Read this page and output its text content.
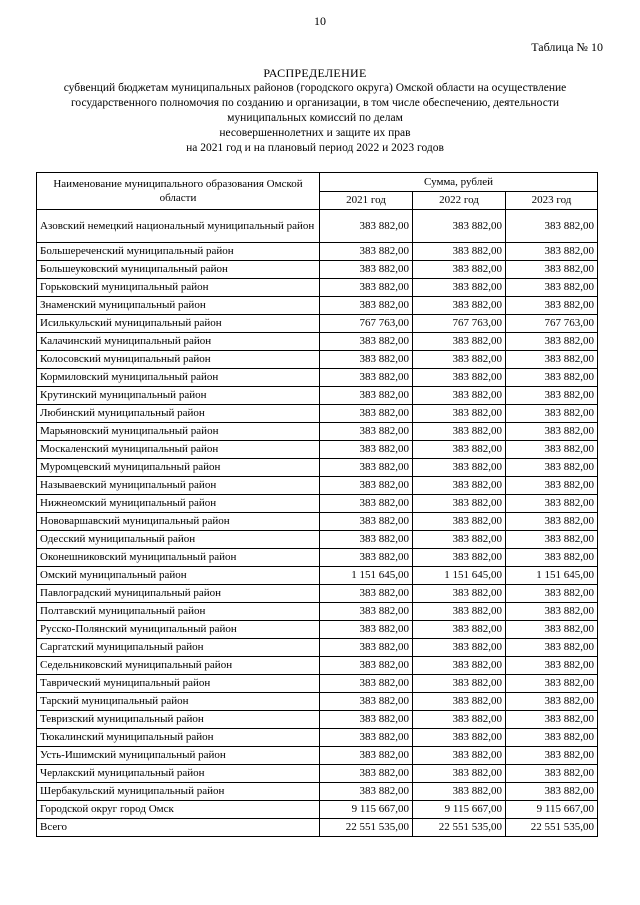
10
Таблица № 10
РАСПРЕДЕЛЕНИЕ
субвенций бюджетам муниципальных районов (городского округа) Омской области на осуществление
государственного полномочия по созданию и организации, в том числе обеспечению, деятельности
муниципальных комиссий по делам
несовершеннолетних и защите их прав
на 2021 год и на плановый период 2022 и 2023 годов
Наименование муниципального образования Омской области	Сумма, рублей		
	2021 год	2022 год	2023 год
Азовский немецкий национальный муниципальный район	383 882,00	383 882,00	383 882,00
Большереченский муниципальный район	383 882,00	383 882,00	383 882,00
Большеуковский муниципальный район	383 882,00	383 882,00	383 882,00
Горьковский муниципальный район	383 882,00	383 882,00	383 882,00
Знаменский муниципальный район	383 882,00	383 882,00	383 882,00
Исилькульский муниципальный район	767 763,00	767 763,00	767 763,00
Калачинский муниципальный район	383 882,00	383 882,00	383 882,00
Колосовский муниципальный район	383 882,00	383 882,00	383 882,00
Кормиловский муниципальный район	383 882,00	383 882,00	383 882,00
Крутинский муниципальный район	383 882,00	383 882,00	383 882,00
Любинский муниципальный район	383 882,00	383 882,00	383 882,00
Марьяновский муниципальный район	383 882,00	383 882,00	383 882,00
Москаленский муниципальный район	383 882,00	383 882,00	383 882,00
Муромцевский муниципальный район	383 882,00	383 882,00	383 882,00
Называевский муниципальный район	383 882,00	383 882,00	383 882,00
Нижнеомский муниципальный район	383 882,00	383 882,00	383 882,00
Нововаршавский муниципальный район	383 882,00	383 882,00	383 882,00
Одесский муниципальный район	383 882,00	383 882,00	383 882,00
Оконешниковский муниципальный район	383 882,00	383 882,00	383 882,00
Омский муниципальный район	1 151 645,00	1 151 645,00	1 151 645,00
Павлоградский муниципальный район	383 882,00	383 882,00	383 882,00
Полтавский муниципальный район	383 882,00	383 882,00	383 882,00
Русско-Полянский муниципальный район	383 882,00	383 882,00	383 882,00
Саргатский муниципальный район	383 882,00	383 882,00	383 882,00
Седельниковский муниципальный район	383 882,00	383 882,00	383 882,00
Таврический муниципальный район	383 882,00	383 882,00	383 882,00
Тарский муниципальный район	383 882,00	383 882,00	383 882,00
Тевризский муниципальный район	383 882,00	383 882,00	383 882,00
Тюкалинский муниципальный район	383 882,00	383 882,00	383 882,00
Усть-Ишимский муниципальный район	383 882,00	383 882,00	383 882,00
Черлакский муниципальный район	383 882,00	383 882,00	383 882,00
Шербакульский муниципальный район	383 882,00	383 882,00	383 882,00
Городской округ город Омск	9 115 667,00	9 115 667,00	9 115 667,00
Всего	22 551 535,00	22 551 535,00	22 551 535,00
